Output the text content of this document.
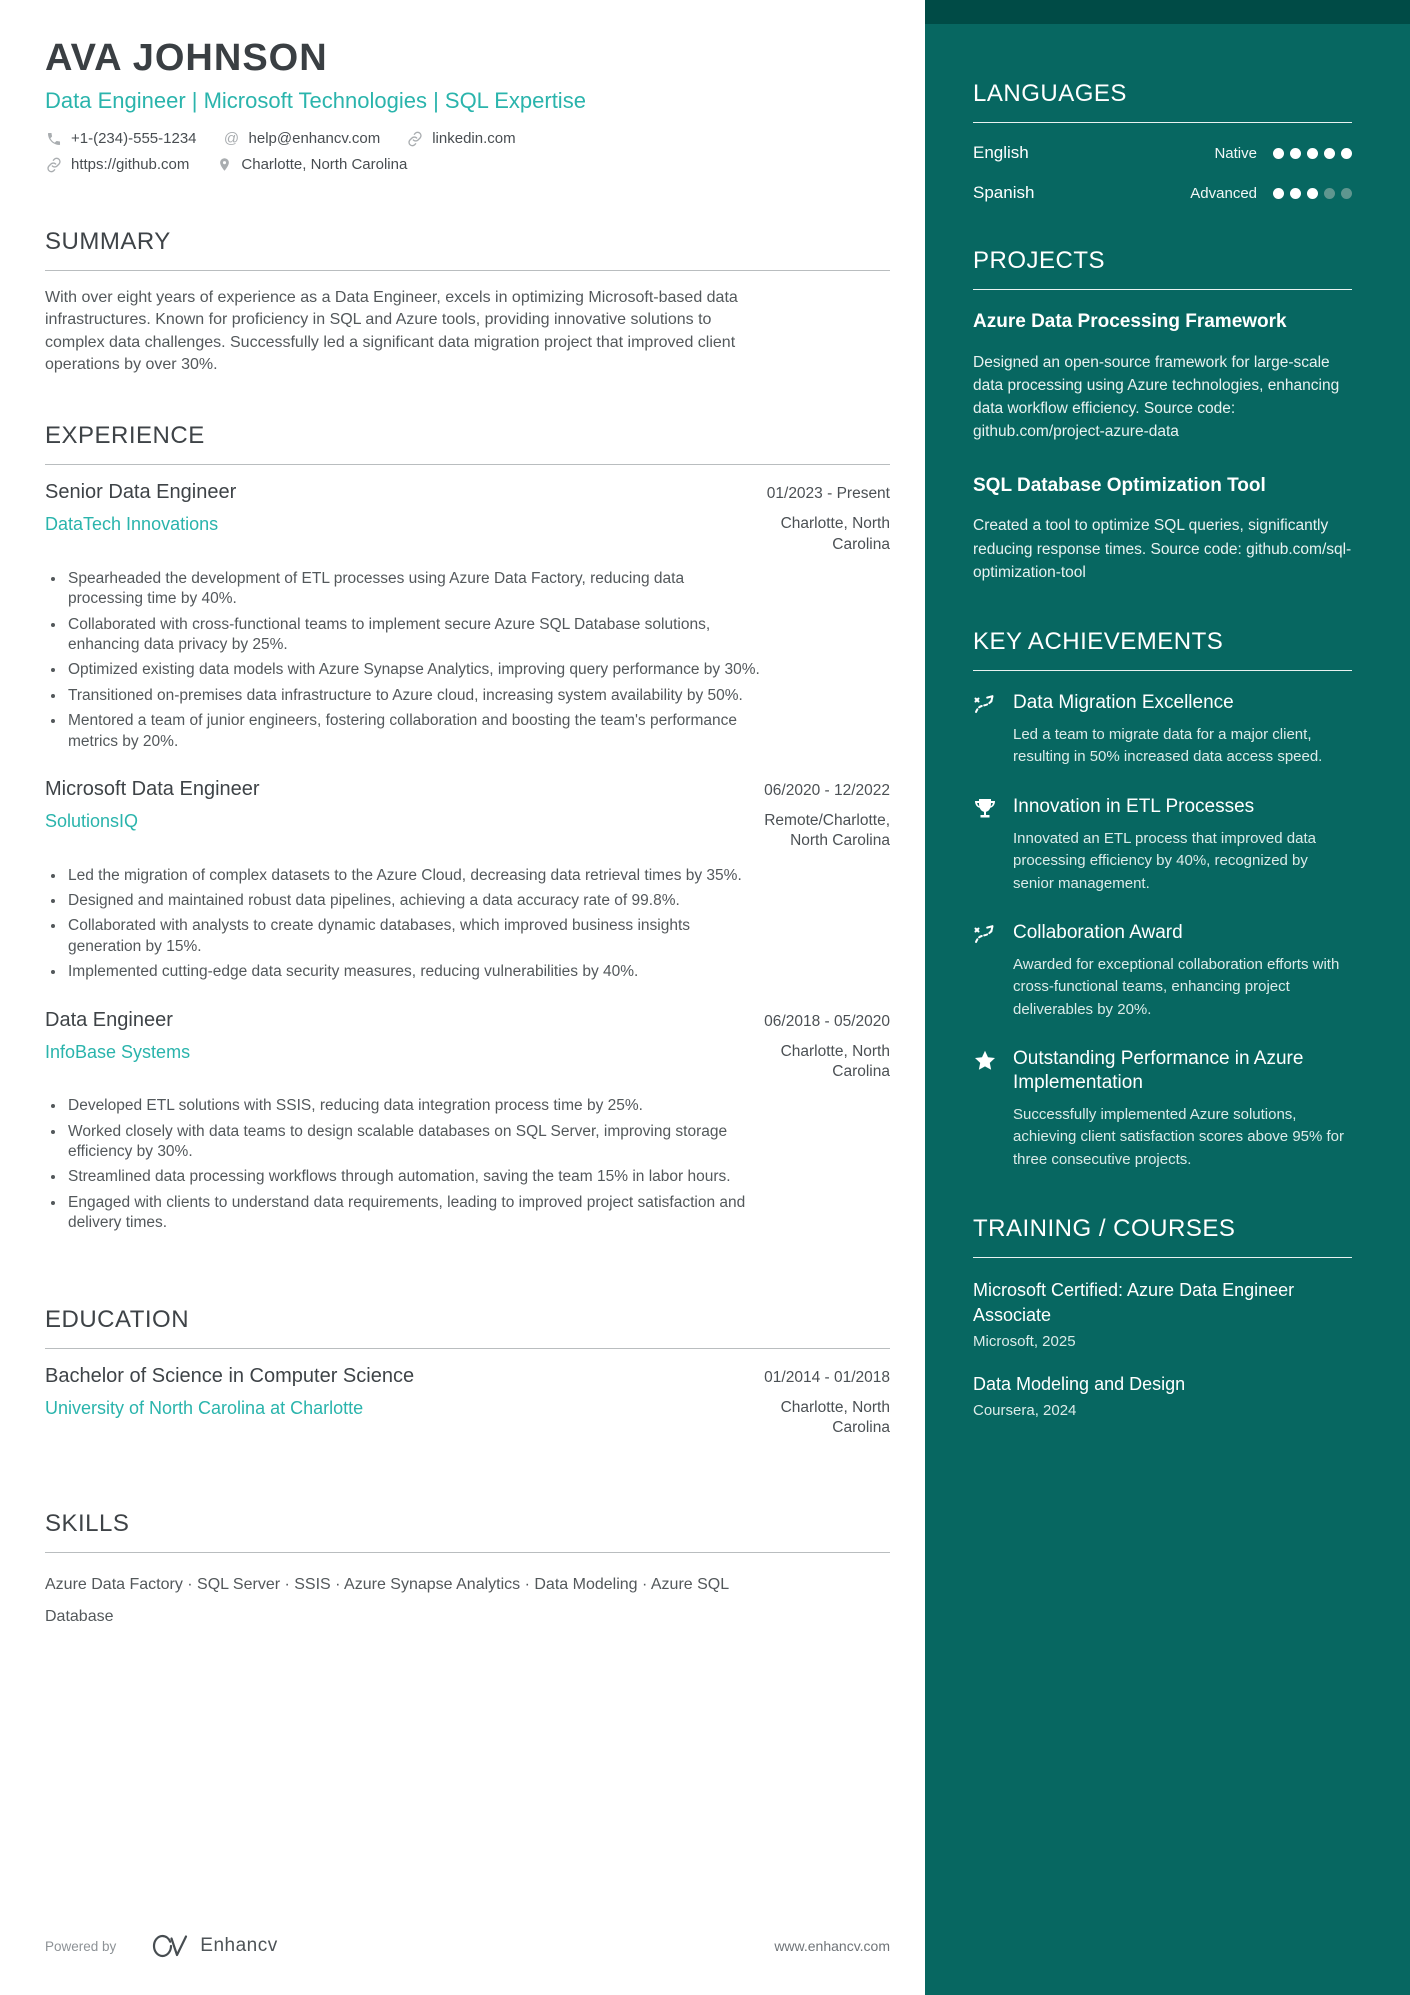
AVA JOHNSON
Data Engineer | Microsoft Technologies | SQL Expertise
+1-(234)-555-1234 @ help@enhancv.com	linkedin.com
https://github.com	Charlotte, North Carolina
SUMMARY

With over eight years of experience as a Data Engineer, excels in optimizing Microsoft-based data infrastructures. Known for proficiency in SQL and Azure tools, providing innovative solutions to complex data challenges. Successfully led a significant data migration project that improved client operations by over 30%.

EXPERIENCE
Senior Data Engineer	01/2023 - Present
DataTech Innovations	Charlotte, North Carolina
Spearheaded the development of ETL processes using Azure Data Factory, reducing data processing time by 40%.
Collaborated with cross-functional teams to implement secure Azure SQL Database solutions, enhancing data privacy by 25%.
Optimized existing data models with Azure Synapse Analytics, improving query performance by 30%.
Transitioned on-premises data infrastructure to Azure cloud, increasing system availability by 50%.
Mentored a team of junior engineers, fostering collaboration and boosting the team's performance metrics by 20%.
Microsoft Data Engineer	06/2020 - 12/2022
SolutionsIQ	Remote/Charlotte, North Carolina
Led the migration of complex datasets to the Azure Cloud, decreasing data retrieval times by 35%.
Designed and maintained robust data pipelines, achieving a data accuracy rate of 99.8%.
Collaborated with analysts to create dynamic databases, which improved business insights generation by 15%.
Implemented cutting-edge data security measures, reducing vulnerabilities by 40%.
Data Engineer	06/2018 - 05/2020
InfoBase Systems	Charlotte, North Carolina
Developed ETL solutions with SSIS, reducing data integration process time by 25%.
Worked closely with data teams to design scalable databases on SQL Server, improving storage efficiency by 30%.
Streamlined data processing workflows through automation, saving the team 15% in labor hours.
Engaged with clients to understand data requirements, leading to improved project satisfaction and delivery times.
EDUCATION
Bachelor of Science in Computer Science	01/2014 - 01/2018
University of North Carolina at Charlotte	Charlotte, North Carolina
SKILLS

Azure Data Factory · SQL Server · SSIS · Azure Synapse Analytics · Data Modeling · Azure SQL Database

Powered by	Enhancv	www.enhancv.com
LANGUAGES
English	Native
Spanish	Advanced
PROJECTS
Azure Data Processing Framework

Designed an open-source framework for large-scale data processing using Azure technologies, enhancing data workflow efficiency. Source code: github.com/project-azure-data

SQL Database Optimization Tool

Created a tool to optimize SQL queries, significantly reducing response times. Source code: github.com/sql-optimization-tool

KEY ACHIEVEMENTS
Data Migration Excellence

Led a team to migrate data for a major client, resulting in 50% increased data access speed.

Innovation in ETL Processes

Innovated an ETL process that improved data processing efficiency by 40%, recognized by senior management.

Collaboration Award

Awarded for exceptional collaboration efforts with cross-functional teams, enhancing project deliverables by 20%.

Outstanding Performance in Azure Implementation

Successfully implemented Azure solutions, achieving client satisfaction scores above 95% for three consecutive projects.

TRAINING / COURSES
Microsoft Certified: Azure Data Engineer Associate
Microsoft, 2025
Data Modeling and Design
Coursera, 2024
